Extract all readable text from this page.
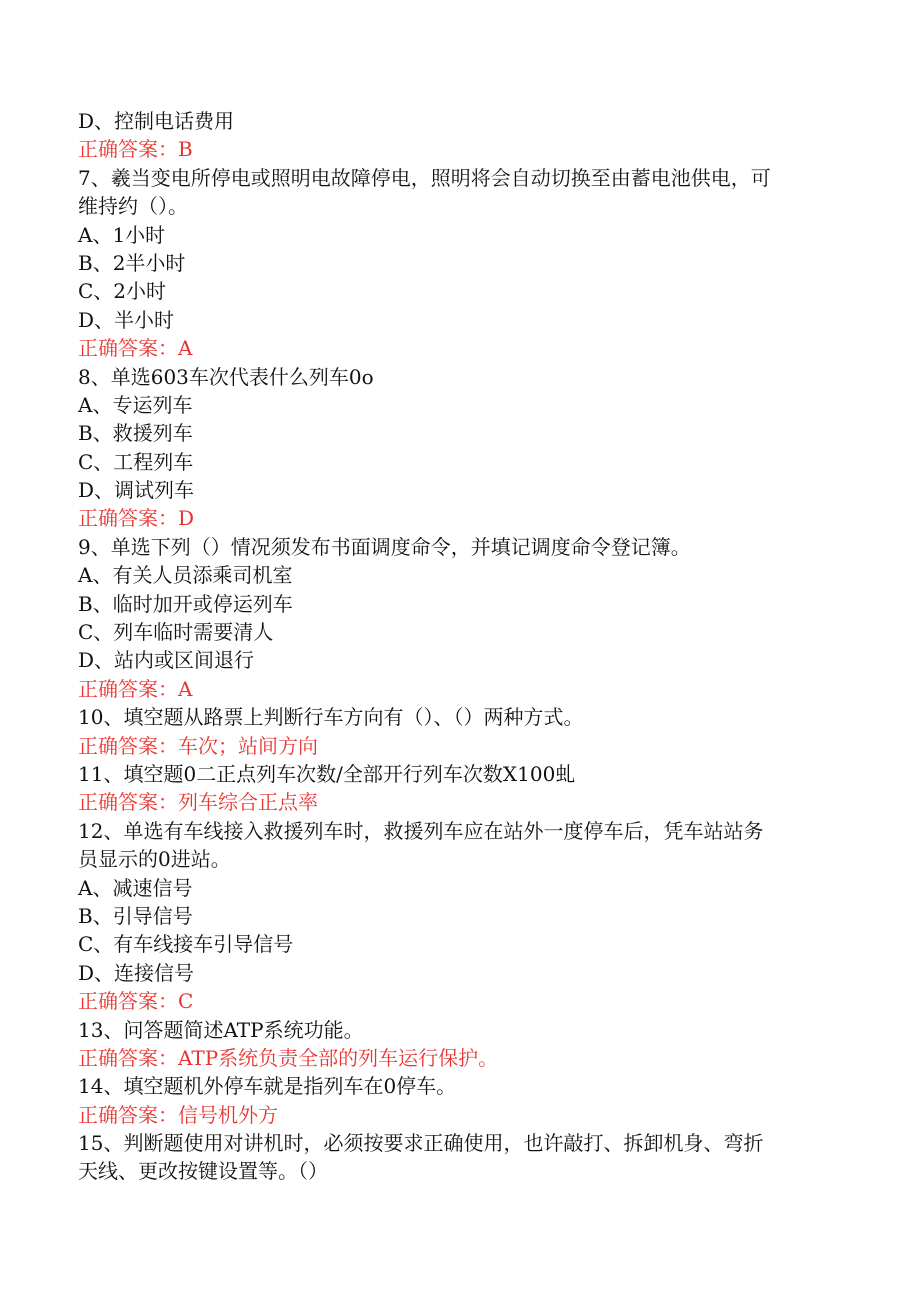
D、控制电话费用
正确答案：B
7、羲当变电所停电或照明电故障停电，照明将会自动切换至由蓄电池供电，可
维持约（）。
A、1小时
B、2半小时
C、2小时
D、半小时
正确答案：A
8、单选603车次代表什么列车0o
A、专运列车
B、救援列车
C、工程列车
D、调试列车
正确答案：D
9、单选下列（）情况须发布书面调度命令，并填记调度命令登记簿。
A、有关人员添乘司机室
B、临时加开或停运列车
C、列车临时需要清人
D、站内或区间退行
正确答案：A
10、填空题从路票上判断行车方向有（）、（）两种方式。
正确答案：车次；站间方向
11、填空题0二正点列车次数/全部开行列车次数X100虬
正确答案：列车综合正点率
12、单选有车线接入救援列车时，救援列车应在站外一度停车后，凭车站站务
员显示的0进站。
A、减速信号
B、引导信号
C、有车线接车引导信号
D、连接信号
正确答案：C
13、问答题简述ATP系统功能。
正确答案：ATP系统负责全部的列车运行保护。
14、填空题机外停车就是指列车在0停车。
正确答案：信号机外方
15、判断题使用对讲机时，必须按要求正确使用，也许敲打、拆卸机身、弯折
天线、更改按键设置等。（）
